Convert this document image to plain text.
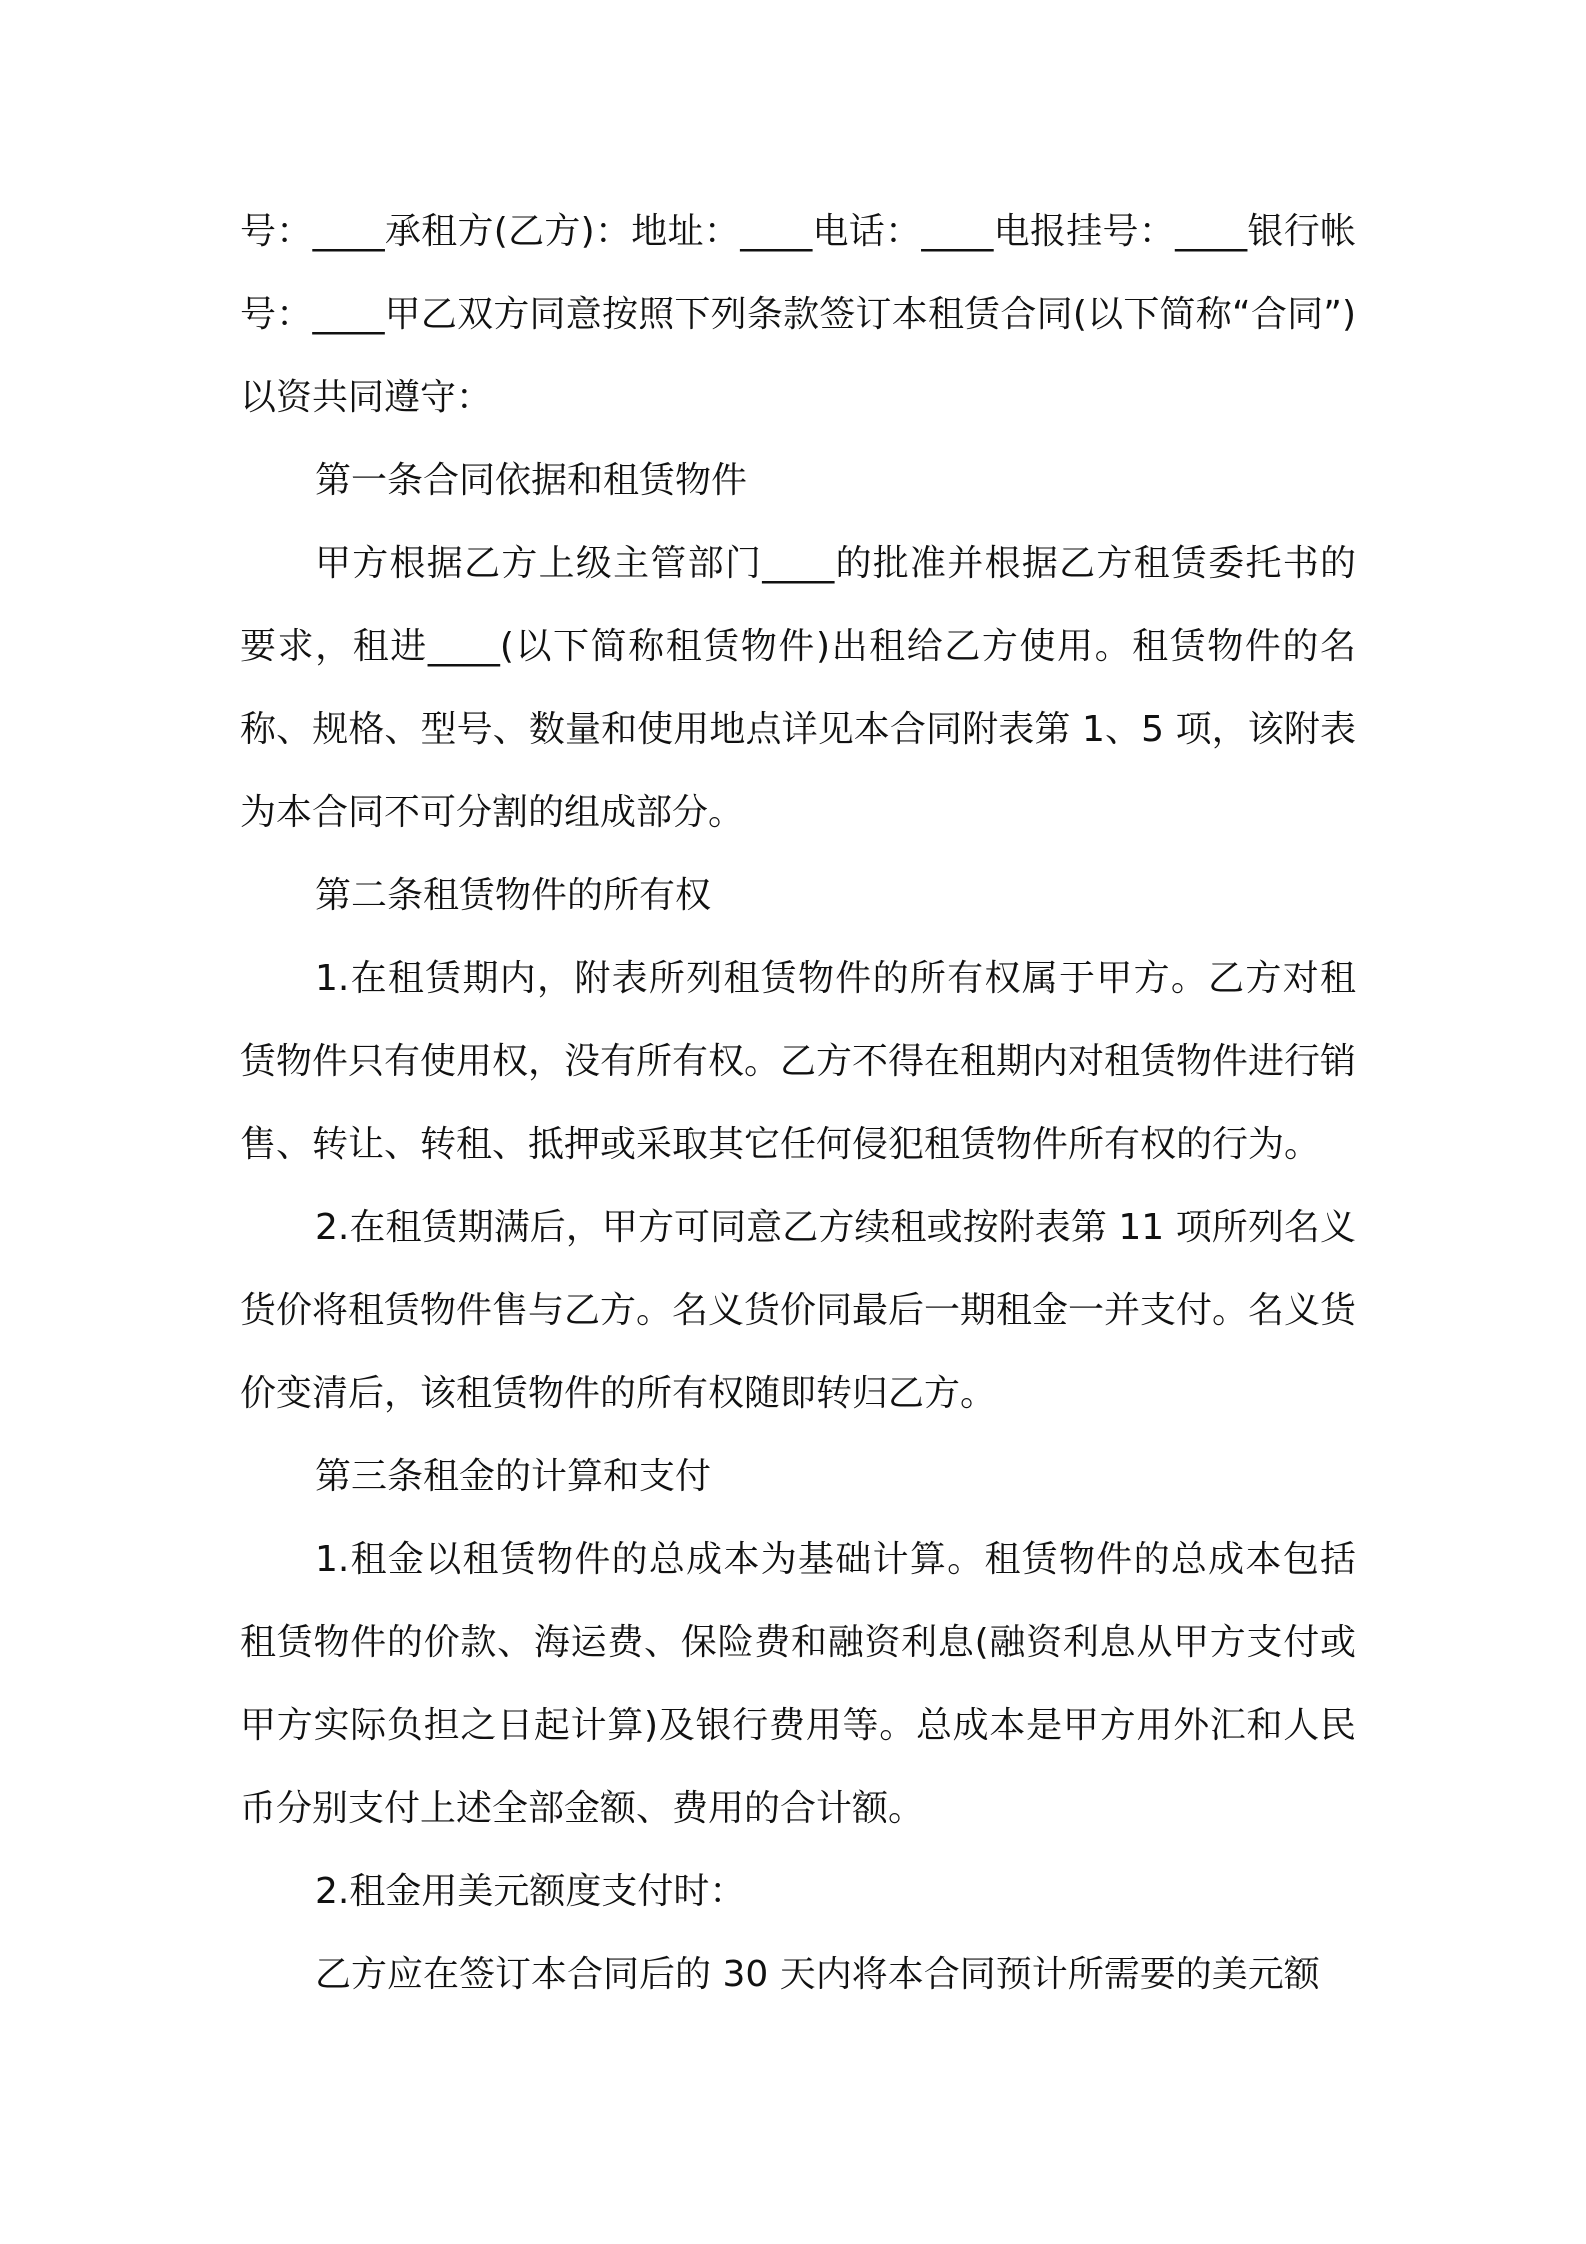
号：____承租方(乙方)：地址：____电话：____电报挂号：____银行帐号：____甲乙双方同意按照下列条款签订本租赁合同(以下简称“合同”)以资共同遵守：

第一条合同依据和租赁物件

甲方根据乙方上级主管部门____的批准并根据乙方租赁委托书的要求，租进____(以下简称租赁物件)出租给乙方使用。租赁物件的名称、规格、型号、数量和使用地点详见本合同附表第 1、5 项，该附表为本合同不可分割的组成部分。

第二条租赁物件的所有权

1.在租赁期内，附表所列租赁物件的所有权属于甲方。乙方对租赁物件只有使用权，没有所有权。乙方不得在租期内对租赁物件进行销售、转让、转租、抵押或采取其它任何侵犯租赁物件所有权的行为。

2.在租赁期满后，甲方可同意乙方续租或按附表第 11 项所列名义货价将租赁物件售与乙方。名义货价同最后一期租金一并支付。名义货价变清后，该租赁物件的所有权随即转归乙方。

第三条租金的计算和支付

1.租金以租赁物件的总成本为基础计算。租赁物件的总成本包括租赁物件的价款、海运费、保险费和融资利息(融资利息从甲方支付或甲方实际负担之日起计算)及银行费用等。总成本是甲方用外汇和人民币分别支付上述全部金额、费用的合计额。

2.租金用美元额度支付时：

乙方应在签订本合同后的 30 天内将本合同预计所需要的美元额
